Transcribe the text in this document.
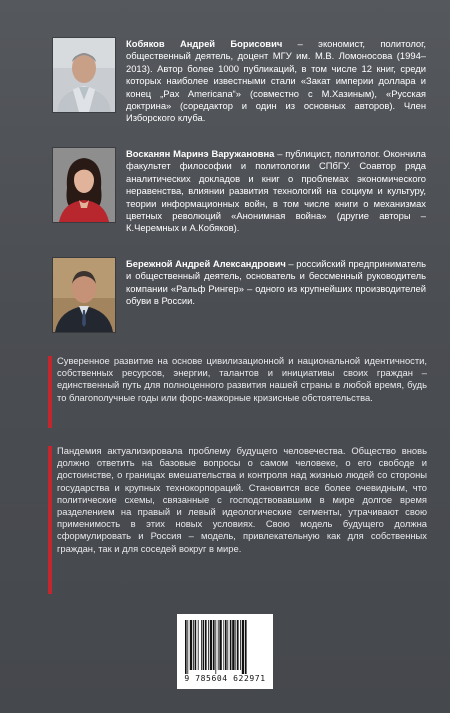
Кобяков Андрей Борисович – экономист, политолог, общественный деятель, доцент МГУ им. М.В. Ломоносова (1994–2013). Автор более 1000 публикаций, в том числе 12 книг, среди которых наиболее известными стали «Закат империи доллара и конец „Pax Americana“» (совместно с М.Хазиным), «Русская доктрина» (соредактор и один из основных авторов). Член Изборского клуба.
Восканян Маринэ Варужановна – публицист, политолог. Окончила факультет философии и политологии СПбГУ. Соавтор ряда аналитических докладов и книг о проблемах экономического неравенства, влиянии развития технологий на социум и культуру, теории информационных войн, в том числе книги о механизмах цветных революций «Анонимная война» (другие авторы – К.Черемных и А.Кобяков).
Бережной Андрей Александрович – российский предприниматель и общественный деятель, основатель и бессменный руководитель компании «Ральф Рингер» – одного из крупнейших производителей обуви в России.
Суверенное развитие на основе цивилизационной и национальной идентичности, собственных ресурсов, энергии, талантов и инициативы своих граждан – единственный путь для полноценного развития нашей страны в любой время, будь то благополучные годы или форс-мажорные кризисные обстоятельства.
Пандемия актуализировала проблему будущего человечества. Общество вновь должно ответить на базовые вопросы о самом человеке, о его свободе и достоинстве, о границах вмешательства и контроля над жизнью людей со стороны государства и крупных технокорпораций. Становится все более очевидным, что политические схемы, связанные с господствовавшим в мире долгое время разделением на правый и левый идеологические сегменты, утрачивают свою применимость в этих новых условиях. Свою модель будущего должна сформулировать и Россия – модель, привлекательную как для собственных граждан, так и для соседей вокруг в мире.
9 785604 622971
